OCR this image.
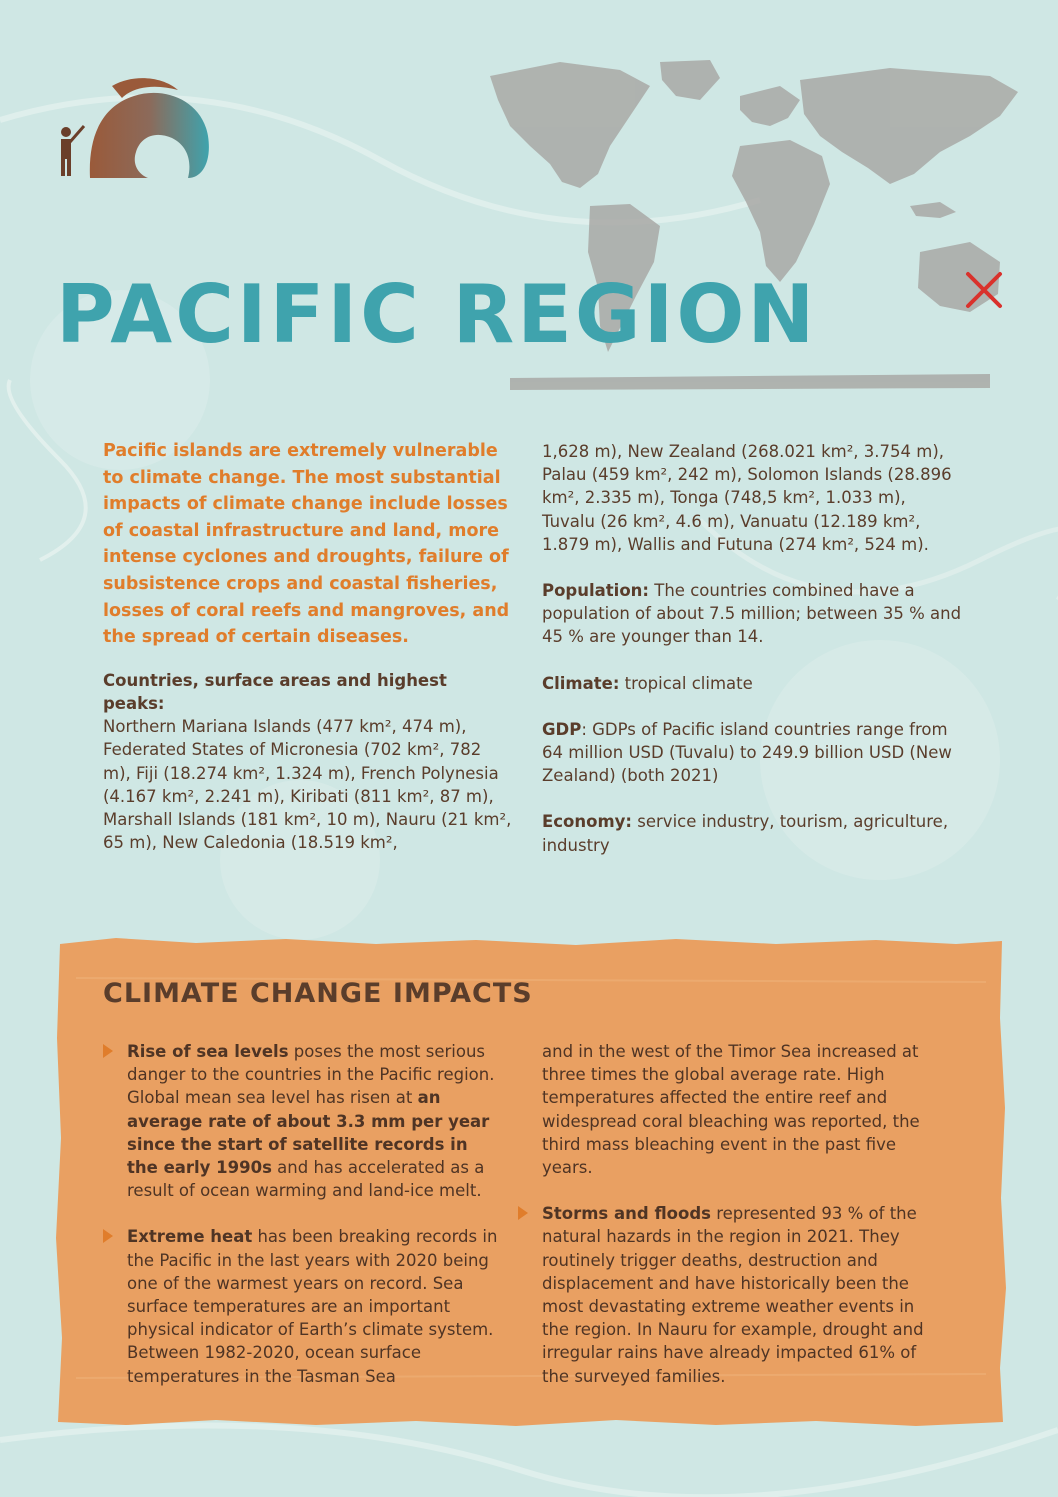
PACIFIC REGION

Pacific islands are extremely vulnerable to climate change. The most substantial impacts of climate change include losses of coastal infrastructure and land, more intense cyclones and droughts, failure of subsistence crops and coastal fisheries, losses of coral reefs and mangroves, and the spread of certain diseases.

Countries, surface areas and highest peaks:
Northern Mariana Islands (477 km², 474 m), Federated States of Micronesia (702 km², 782 m), Fiji (18.274 km², 1.324 m), French Polynesia (4.167 km², 2.241 m), Kiribati (811 km², 87 m), Marshall Islands (181 km², 10 m), Nauru (21 km², 65 m), New Caledonia (18.519 km²,

1,628 m), New Zealand (268.021 km², 3.754 m), Palau (459 km², 242 m), Solomon Islands (28.896 km², 2.335 m), Tonga (748,5 km², 1.033 m), Tuvalu (26 km², 4.6 m), Vanuatu (12.189 km², 1.879 m), Wallis and Futuna (274 km², 524 m).

Population: The countries combined have a population of about 7.5 million; between 35 % and 45 % are younger than 14.

Climate: tropical climate

GDP: GDPs of Pacific island countries range from 64 million USD (Tuvalu) to 249.9 billion USD (New Zealand) (both 2021)

Economy: service industry, tourism, agriculture, industry

CLIMATE CHANGE IMPACTS
Rise of sea levels poses the most serious danger to the countries in the Pacific region. Global mean sea level has risen at an average rate of about 3.3 mm per year since the start of satellite records in the early 1990s and has accelerated as a result of ocean warming and land-ice melt.
Extreme heat has been breaking records in the Pacific in the last years with 2020 being one of the warmest years on record. Sea surface temperatures are an important physical indicator of Earth’s climate system. Between 1982-2020, ocean surface temperatures in the Tasman Sea

and in the west of the Timor Sea increased at three times the global average rate. High temperatures affected the entire reef and widespread coral bleaching was reported, the third mass bleaching event in the past five years.

Storms and floods represented 93 % of the natural hazards in the region in 2021. They routinely trigger deaths, destruction and displacement and have historically been the most devastating extreme weather events in the region. In Nauru for example, drought and irregular rains have already impacted 61% of the surveyed families.
